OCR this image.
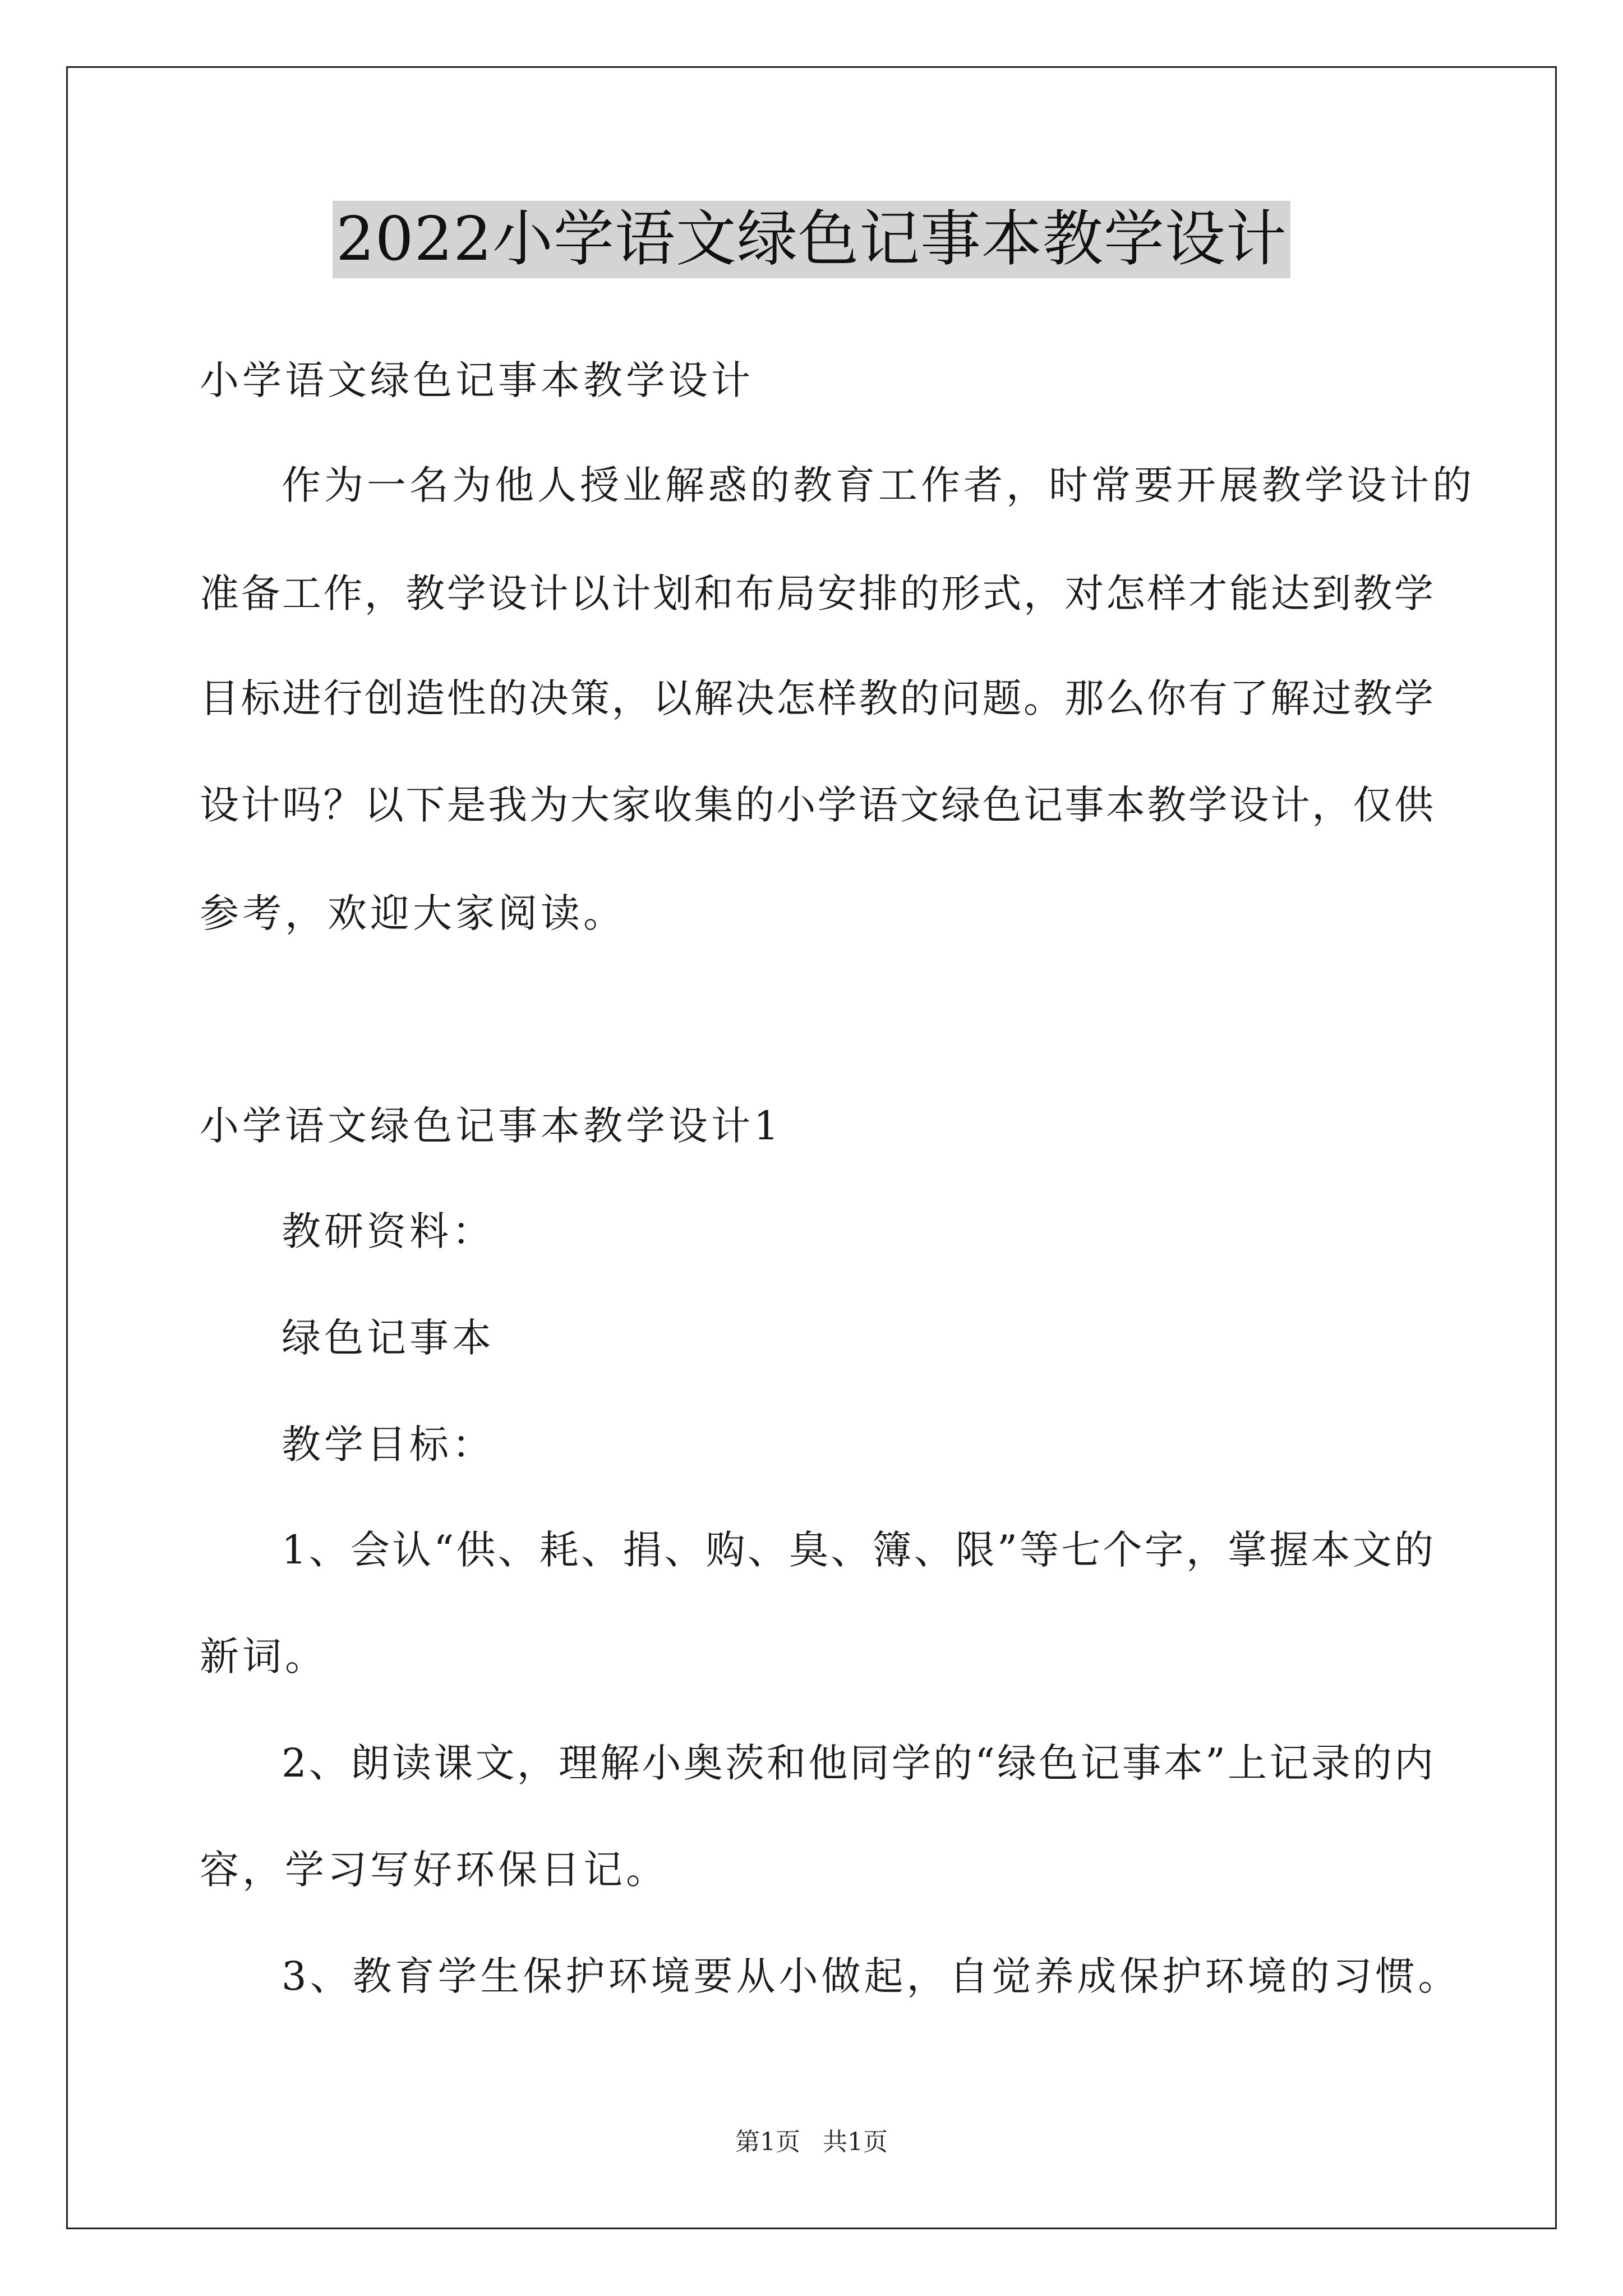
2022小学语文绿色记事本教学设计
小学语文绿色记事本教学设计
作为一名为他人授业解惑的教育工作者，时常要开展教学设计的
准备工作，教学设计以计划和布局安排的形式，对怎样才能达到教学
目标进行创造性的决策，以解决怎样教的问题。那么你有了解过教学
设计吗？以下是我为大家收集的小学语文绿色记事本教学设计，仅供
参考，欢迎大家阅读。
小学语文绿色记事本教学设计1
教研资料：
绿色记事本
教学目标：
1、会认“供、耗、捐、购、臭、簿、限”等七个字，掌握本文的
新词。
2、朗读课文，理解小奥茨和他同学的“绿色记事本”上记录的内
容，学习写好环保日记。
3、教育学生保护环境要从小做起，自觉养成保护环境的习惯。
第1页 共1页
